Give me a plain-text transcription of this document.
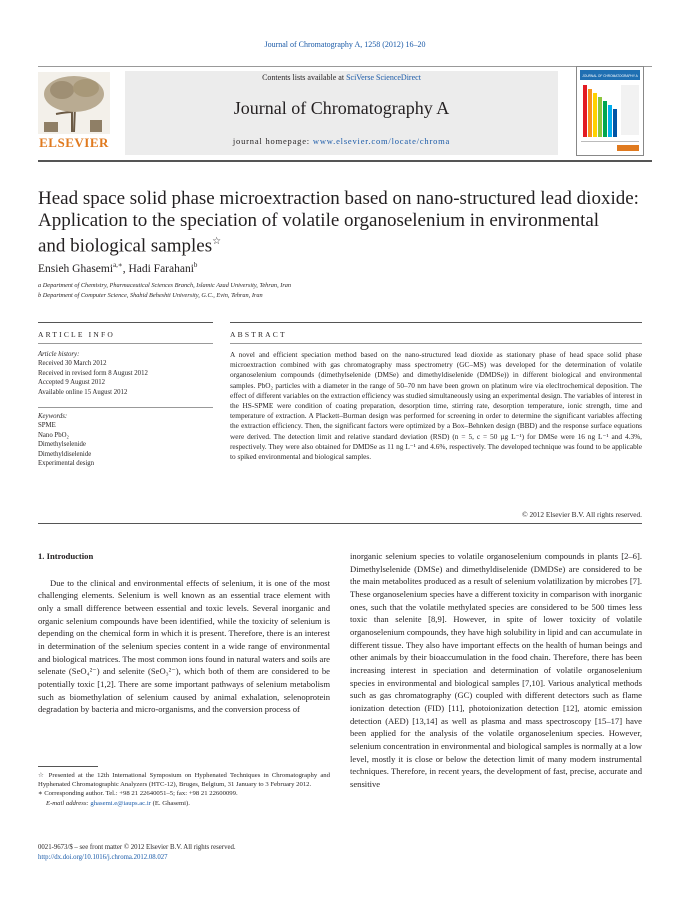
Journal of Chromatography A, 1258 (2012) 16–20
ELSEVIER
Contents lists available at SciVerse ScienceDirect
Journal of Chromatography A
journal homepage: www.elsevier.com/locate/chroma
JOURNAL OF CHROMATOGRAPHY A
Head space solid phase microextraction based on nano-structured lead dioxide:
Application to the speciation of volatile organoselenium in environmental
and biological samples☆
Ensieh Ghasemi$^{a,∗}$, Hadi Farahani$^b$
a Department of Chemistry, Pharmaceutical Sciences Branch, Islamic Azad University, Tehran, Iran
b Department of Computer Science, Shahid Beheshti University, G.C., Evin, Tehran, Iran
ARTICLE INFO	ABSTRACT
Article history:
Received 30 March 2012
Received in revised form 8 August 2012
Accepted 9 August 2012
Available online 15 August 2012
Keywords:
SPME
Nano PbO₂
Dimethylselenide
Dimethyldiselenide
Experimental design
A novel and efficient speciation method based on the nano-structured lead dioxide as stationary phase of head space solid phase microextraction combined with gas chromatography mass spectrometry (GC–MS) was developed for the determination of volatile organoselenium compounds (dimethylselenide (DMSe) and dimethyldiselenide (DMDSe)) in different biological and environmental samples. PbO₂ particles with a diameter in the range of 50–70 nm have been grown on platinum wire via elecltrochemical deposition. The effect of different variables on the extraction efficiency was studied simultaneously using an experimental design. The variables of interest in the HS-SPME were condition of coating preparation, desorption time, stirring rate, desorption temperature, ionic strength, time and temperature of extraction. A Plackett–Burman design was performed for screening in order to determine the significant variables affecting the extraction efficiency. Then, the significant factors were optimized by a Box–Behnken design (BBD) and the response surface equations were derived. The detection limit and relative standard deviation (RSD) (n = 5, c = 50 µg L⁻¹) for DMSe were 16 ng L⁻¹ and 4.3%, respectively. They were also obtained for DMDSe as 11 ng L⁻¹ and 4.6%, respectively. The developed technique was found to be applicable to spiked environmental and biological samples.
© 2012 Elsevier B.V. All rights reserved.
1. Introduction

Due to the clinical and environmental effects of selenium, it is one of the most challenging elements. Selenium is well known as an essential trace element with only a small difference between essential and toxic levels. Several inorganic and organic selenium compounds have been identified, while the toxicity of selenium is depending on the chemical form in which it is present. Therefore, there is an interest in determination of the selenium species content in a wide range of environmental and biological matrices. The most common ions found in natural waters and soils are selenate (SeO₄²⁻) and selenite (SeO₃²⁻), which both of them are considered to be potentially toxic [1,2]. There are some important pathways of selenium metabolism such as biomethylation of selenium caused by animal exhalation, selenoprotein degradation by bacteria and micro-organisms, and the conversion process of

inorganic selenium species to volatile organoselenium compounds in plants [2–6]. Dimethylselenide (DMSe) and dimethyldiselenide (DMDSe) are considered to be the main metabolites produced as a result of selenium volatilization by microbes [7]. These organoselenium species have a different toxicity in comparison with inorganic ones, such that the volatile methylated species are considered to be 500 times less toxic than selenite [8,9]. However, in spite of lower toxicity of volatile organoselenium compounds, they have high solubility in lipid and can accumulate in different tissue. They also have important effects on the health of human beings and other animals by their bioaccumulation in the food chain. Therefore, there has been increasing interest in speciation and determination of volatile organoselenium species in environmental and biological samples [7,10]. Various analytical methods such as gas chromatography (GC) coupled with different detectors such as flame ionization detection (FID) [11], photoionization detection [12], atomic emission detection (AED) [13,14] as well as plasma and mass spectroscopy [15–17] have been applied for the analysis of the volatile organoselenium species. However, selenium concentration in environmental and biological samples is normally at a low level, mostly it is close or below the detection limit of many modern instrumental techniques. Therefore, in recent years, the development of fast, precise, accurate and sensitive

☆ Presented at the 12th International Symposium on Hyphenated Techniques in Chromatography and Hyphenated Chromatographic Analyzers (HTC-12), Bruges, Belgium, 31 January to 3 February 2012.
∗ Corresponding author. Tel.: +98 21 22640051–5; fax: +98 21 22600099.
E-mail address: ghasemi.e@iaups.ac.ir (E. Ghasemi).
0021-9673/$ – see front matter © 2012 Elsevier B.V. All rights reserved.
http://dx.doi.org/10.1016/j.chroma.2012.08.027
